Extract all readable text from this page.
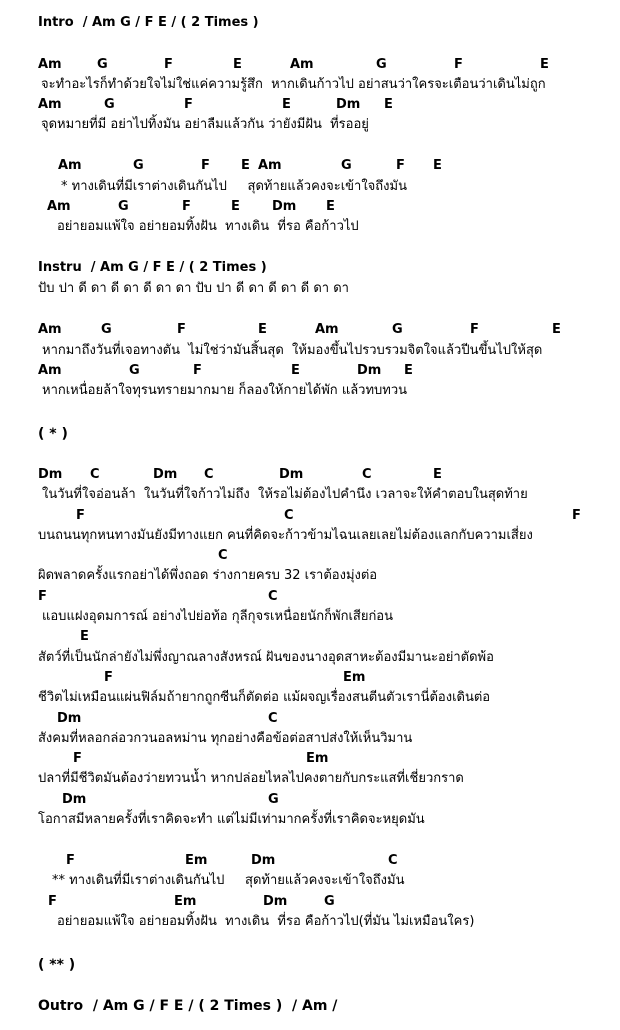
Intro  / Am G / F E / ( 2 Times )

Am

	G

	F

	E

	Am

	G

	F

	E

จะทำอะไรก็ทำด้วยใจไม่ใช่แค่ความรู้สึก  หากเดินก้าวไป อย่าสนว่าใครจะเตือนว่าเดินไม่ถูก

Am

	G

	F

	E

	Dm

E

จุดหมายที่มี อย่าไปทิ้งมัน อย่าลืมแล้วกัน ว่ายังมีฝัน  ที่รออยู่

Am

	G

	F

E

Am

	G

	F

E

* ทางเดินที่มีเราต่างเดินกันไป     สุดท้ายแล้วคงจะเข้าใจถึงมัน

Am

	G

	F

	E

Dm

E

อย่ายอมแพ้ใจ อย่ายอมทิ้งฝัน  ทางเดิน  ที่รอ คือก้าวไป
Instru  / Am G / F E / ( 2 Times )
ปับ ปา ดี ดา ดี ดา ดี ดา ดา ปับ ปา ดี ดา ดี ดา ดี ดา ดา

Am

	G

	F

	E

	Am

	G

	F

	E

หากมาถึงวันที่เจอทางตัน  ไม่ใช่ว่ามันสิ้นสุด  ให้มองขึ้นไปรวบรวมจิตใจแล้วปีนขึ้นไปให้สุด

Am

	G

	F

	E

	Dm

E

หากเหนื่อยล้าใจทุรนทรายมากมาย ก็ลองให้กายได้พัก แล้วทบทวน
( * )

Dm

C

	Dm

C

	Dm

	C

	E

ในวันที่ใจอ่อนล้า  ในวันที่ใจก้าวไม่ถึง  ให้รอไม่ต้องไปคำนึง เวลาจะให้คำตอบในสุดท้าย

F

	C

	F

บนถนนทุกหนทางมันยังมีทางแยก คนที่คิดจะก้าวข้ามไฉนเลยเลยไม่ต้องแลกกับความเสี่ยง

C

ผิดพลาดครั้งแรกอย่าได้พึ่งถอด ร่างกายครบ 32 เราต้องมุ่งต่อ

F

	C

แอบแฝงอุดมการณ์ อย่างไปย่อท้อ กุลีกุจรเหนื่อยนักก็พักเสียก่อน

E

สัตว์ที่เป็นนักล่ายังไม่พึ่งญาณลางสังหรณ์ ฝันของนางอุดสาหะต้องมีมานะอย่าตัดพ้อ

F

	Em

ชีวิตไม่เหมือนแผ่นฟิล์มถ้ายากถูกซีนก็ตัดต่อ แม้ผจญเรื่องสนตีนตัวเรานี่ต้องเดินต่อ

Dm

	C

สังคมที่หลอกล่อวกวนอลหม่าน ทุกอย่างคือข้อต่อสาปส่งให้เห็นวิมาน

F

	Em

ปลาที่มีชีวิตมันต้องว่ายทวนน้ำ หากปล่อยไหลไปคงตายกับกระแสที่เชี่ยวกราด

Dm

	G

โอกาสมีหลายครั้งที่เราคิดจะทำ แต่ไม่มีเท่ามากครั้งที่เราคิดจะหยุดมัน

F

	Em

	Dm

	C

** ทางเดินที่มีเราต่างเดินกันไป     สุดท้ายแล้วคงจะเข้าใจถึงมัน

F

	Em

	Dm

	G

อย่ายอมแพ้ใจ อย่ายอมทิ้งฝัน  ทางเดิน  ที่รอ คือก้าวไป(ที่มัน ไม่เหมือนใคร)
( ** )
Outro  / Am G / F E / ( 2 Times )  / Am /
